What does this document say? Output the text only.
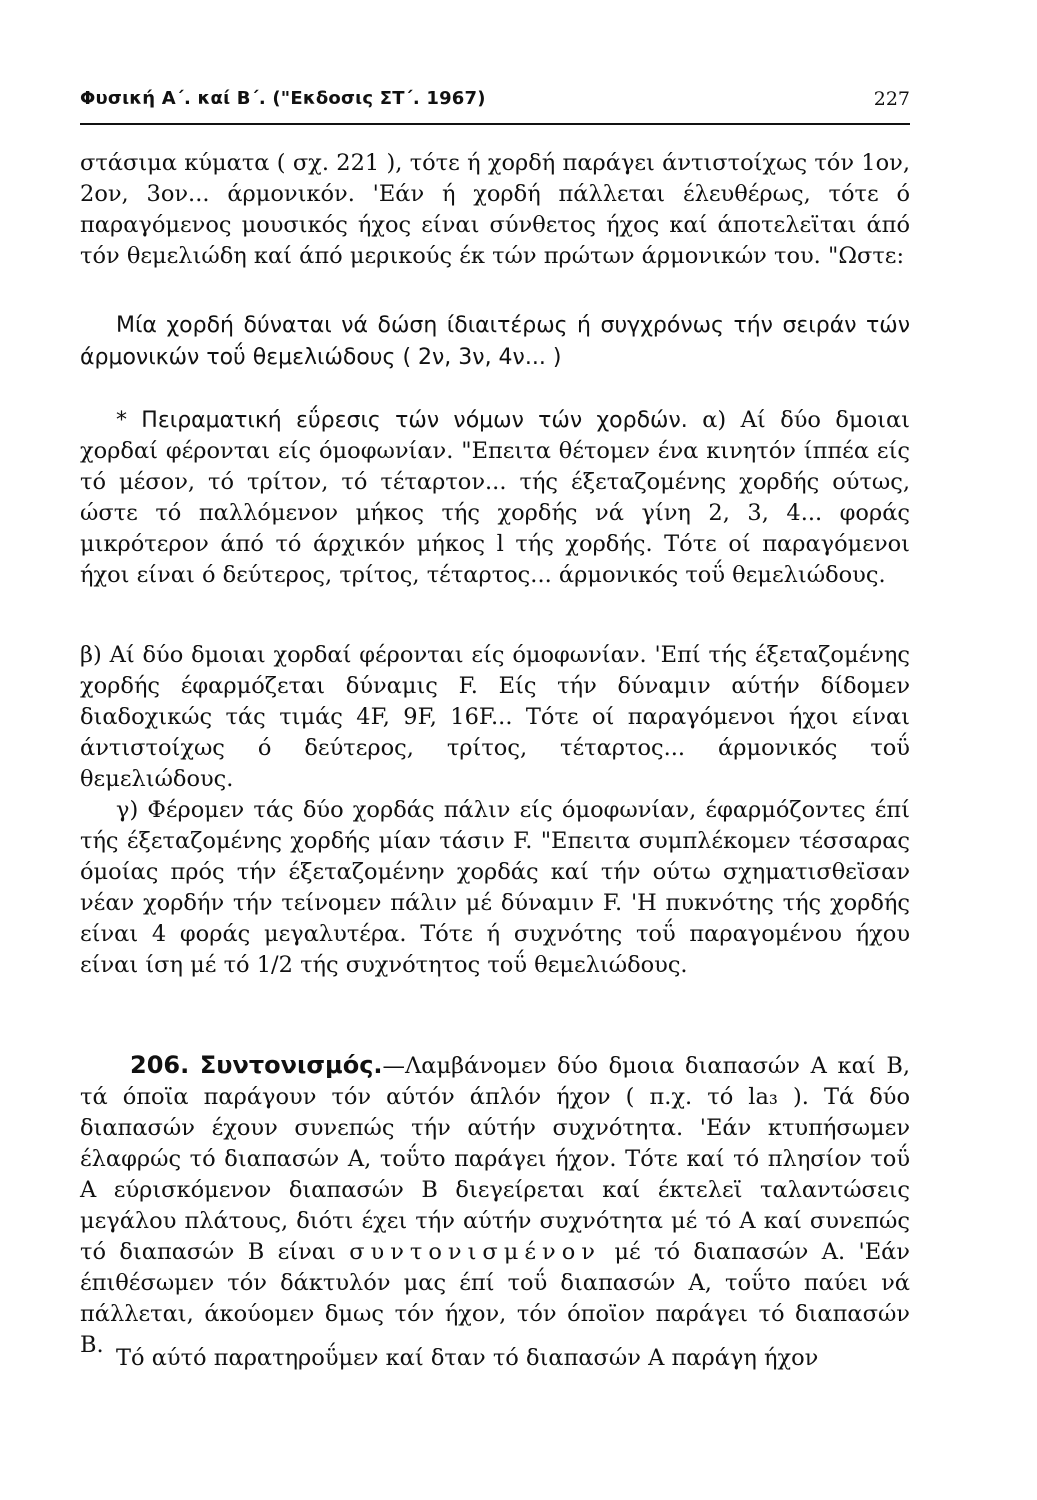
Φυσική Α΄. καί Β΄. ("Εκδοσις ΣΤ΄. 1967)	227

στάσιμα κύματα ( σχ. 221 ), τότε ή χορδή παράγει άντιστοίχως τόν 1ον, 2ον, 3ον... άρμονικόν. 'Εάν ή χορδή πάλλεται έλευθέρως, τότε ό παραγόμενος μουσικός ήχος είναι σύνθετος ήχος καί άποτελεϊται άπό τόν θεμελιώδη καί άπό μερικούς έκ τών πρώτων άρμονικών του. "Ωστε:

Μία χορδή δύναται νά δώση ίδιαιτέρως ή συγχρόνως τήν σειράν τών άρμονικών τοΰ θεμελιώδους ( 2ν, 3ν, 4ν... )

* Πειραματική εΰρεσις τών νόμων τών χορδών. α) Αί δύο δμοιαι χορδαί φέρονται είς όμοφωνίαν. "Επειτα θέτομεν ένα κινητόν ίππέα είς τό μέσον, τό τρίτον, τό τέταρτον... τής έξεταζομένης χορδής ούτως, ώστε τό παλλόμενον μήκος τής χορδής νά γίνη 2, 3, 4... φοράς μικρότερον άπό τό άρχικόν μήκος l τής χορδής. Τότε οί παραγόμενοι ήχοι είναι ό δεύτερος, τρίτος, τέταρτος... άρμονικός τοΰ θεμελιώδους.

β) Αί δύο δμοιαι χορδαί φέρονται είς όμοφωνίαν. 'Επί τής έξεταζομένης χορδής έφαρμόζεται δύναμις F. Είς τήν δύναμιν αύτήν δίδομεν διαδοχικώς τάς τιμάς 4F, 9F, 16F... Τότε οί παραγόμενοι ήχοι είναι άντιστοίχως ό δεύτερος, τρίτος, τέταρτος... άρμονικός τοΰ θεμελιώδους.

γ) Φέρομεν τάς δύο χορδάς πάλιν είς όμοφωνίαν, έφαρμόζοντες έπί τής έξεταζομένης χορδής μίαν τάσιν F. "Επειτα συμπλέκομεν τέσσαρας όμοίας πρός τήν έξεταζομένην χορδάς καί τήν ούτω σχηματισθεϊσαν νέαν χορδήν τήν τείνομεν πάλιν μέ δύναμιν F. 'Η πυκνότης τής χορδής είναι 4 φοράς μεγαλυτέρα. Τότε ή συχνότης τοΰ παραγομένου ήχου είναι ίση μέ τό 1/2 τής συχνότητος τοΰ θεμελιώδους.

206. Συντονισμός.—Λαμβάνομεν δύο δμοια διαπασών Α καί Β, τά όποϊα παράγουν τόν αύτόν άπλόν ήχον ( π.χ. τό la₃ ). Τά δύο διαπασών έχουν συνεπώς τήν αύτήν συχνότητα. 'Εάν κτυπήσωμεν έλαφρώς τό διαπασών Α, τοΰτο παράγει ήχον. Τότε καί τό πλησίον τοΰ Α εύρισκόμενον διαπασών Β διεγείρεται καί έκτελεϊ ταλαντώσεις μεγάλου πλάτους, διότι έχει τήν αύτήν συχνότητα μέ τό Α καί συνεπώς τό διαπασών Β είναι συντονισμένον μέ τό διαπασών Α. 'Εάν έπιθέσωμεν τόν δάκτυλόν μας έπί τοΰ διαπασών Α, τοΰτο παύει νά πάλλεται, άκούομεν δμως τόν ήχον, τόν όποϊον παράγει τό διαπασών Β. Τό αύτό παρατηροΰμεν καί δταν τό διαπασών Α παράγη ήχον
